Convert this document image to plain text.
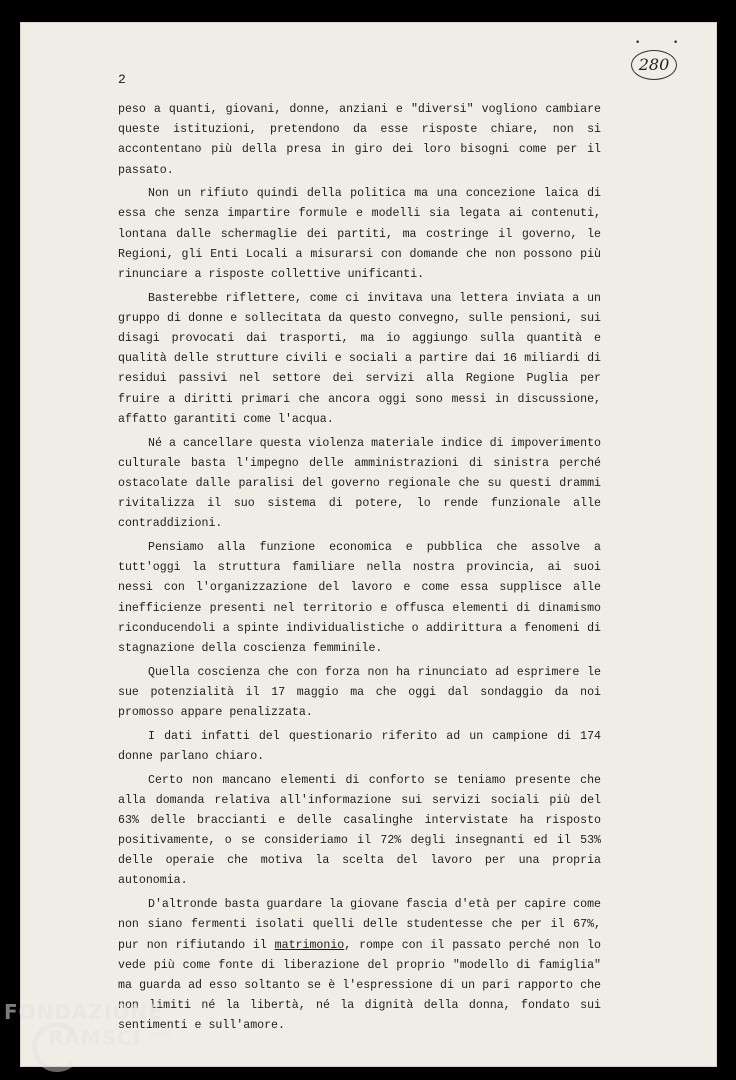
•	•
280
2
peso a quanti, giovani, donne, anziani e "diversi" vogliono cambiare
queste istituzioni, pretendono da esse risposte chiare, non si
accontentano più della presa in giro dei loro bisogni come per il
passato.
Non un rifiuto quindi della politica ma una concezione laica di
essa che senza impartire formule e modelli sia legata ai contenuti,
lontana dalle schermaglie dei partiti, ma costringe il governo, le
Regioni, gli Enti Locali a misurarsi con domande che non possono più
rinunciare a risposte collettive unificanti.
Basterebbe riflettere, come ci invitava una lettera inviata a un
gruppo di donne e sollecitata da questo convegno, sulle pensioni, sui
disagi provocati dai trasporti, ma io aggiungo sulla quantità e
qualità delle strutture civili e sociali a partire dai 16 miliardi di
residui passivi nel settore dei servizi alla Regione Puglia per
fruire a diritti primari che ancora oggi sono messi in discussione,
affatto garantiti come l'acqua.
Né a cancellare questa violenza materiale indice di impoverimento
culturale basta l'impegno delle amministrazioni di sinistra perché
ostacolate dalle paralisi del governo regionale che su questi drammi
rivitalizza il suo sistema di potere, lo rende funzionale alle
contraddizioni.
Pensiamo alla funzione economica e pubblica che assolve a
tutt'oggi la struttura familiare nella nostra provincia, ai suoi
nessi con l'organizzazione del lavoro e come essa supplisce alle
inefficienze presenti nel territorio e offusca elementi di dinamismo
riconducendoli a spinte individualistiche o addirittura a fenomeni di
stagnazione della coscienza femminile.
Quella coscienza che con forza non ha rinunciato ad esprimere le
sue potenzialità il 17 maggio ma che oggi dal sondaggio da noi
promosso appare penalizzata.
I dati infatti del questionario riferito ad un campione di 174
donne parlano chiaro.
Certo non mancano elementi di conforto se teniamo presente che
alla domanda relativa all'informazione sui servizi sociali più del
63% delle braccianti e delle casalinghe intervistate ha risposto
positivamente, o se consideriamo il 72% degli insegnanti ed il 53%
delle operaie che motiva la scelta del lavoro per una propria
autonomia.
D'altronde basta guardare la giovane fascia d'età per capire come
non siano fermenti isolati quelli delle studentesse che per il 67%,
pur non rifiutando il matrimonio, rompe con il passato perché non lo
vede più come fonte di liberazione del proprio "modello di famiglia"
ma guarda ad esso soltanto se è l'espressione di un pari rapporto che
non limiti né la libertà, né la dignità della donna, fondato sui
sentimenti e sull'amore.
FONDAZIONE
RAMSCI onlus
